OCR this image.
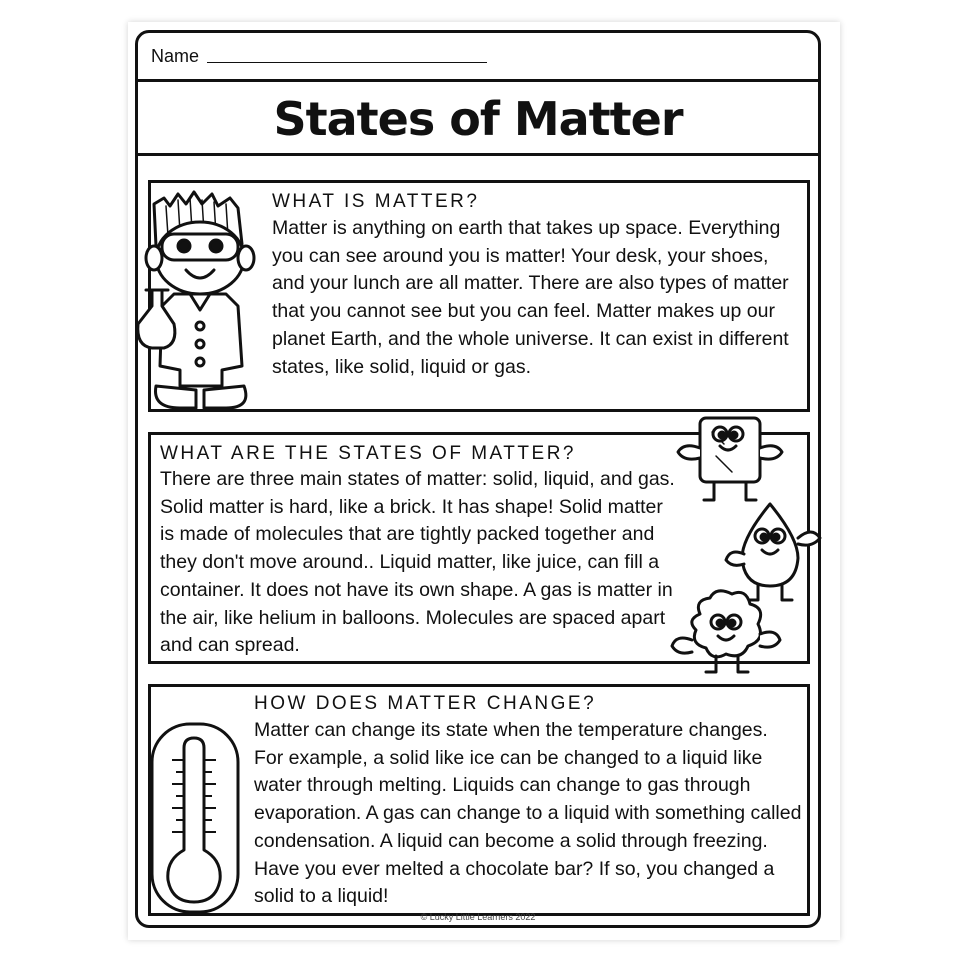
Name
States of Matter
WHAT IS MATTER?
Matter is anything on earth that takes up space. Everything you can see around you is matter! Your desk, your shoes, and your lunch are all matter. There are also types of matter that you cannot see but you can feel. Matter makes up our planet Earth, and the whole universe. It can exist in different states, like solid, liquid or gas.
WHAT ARE THE STATES OF MATTER?
There are three main states of matter: solid, liquid, and gas. Solid matter is hard, like a brick. It has shape! Solid matter is made of molecules that are tightly packed together and they don't move around.. Liquid matter, like juice, can fill a container. It does not have its own shape. A gas is matter in the air, like helium in balloons. Molecules are spaced apart and can spread.
HOW DOES MATTER CHANGE?
Matter can change its state when the temperature changes. For example, a solid like ice can be changed to a liquid like water through melting. Liquids can change to gas through evaporation. A gas can change to a liquid with something called condensation. A liquid can become a solid through freezing. Have you ever melted a chocolate bar? If so, you changed a solid to a liquid!
© Lucky Little Learners 2022
